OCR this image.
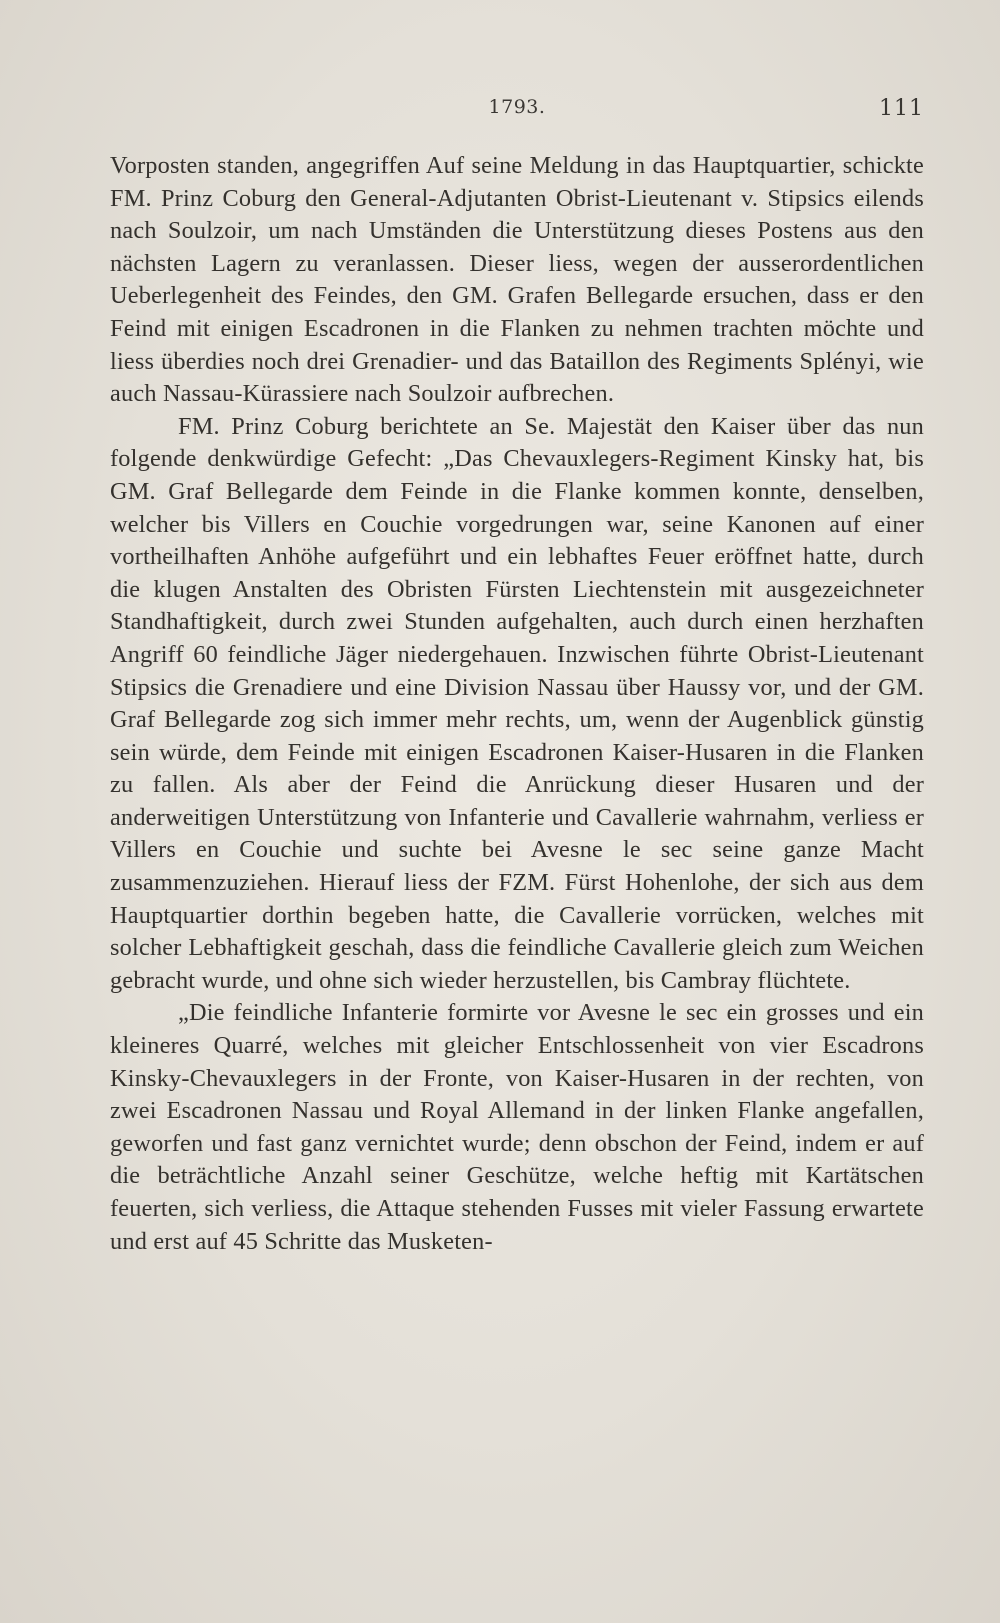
1793.	111

Vorposten standen, angegriffen Auf seine Meldung in das Hauptquartier, schickte FM. Prinz Coburg den General-Adjutanten Obrist-Lieutenant v. Stipsics eilends nach Soulzoir, um nach Umständen die Unterstützung dieses Postens aus den nächsten Lagern zu veranlassen. Dieser liess, wegen der ausserordentlichen Ueberlegenheit des Feindes, den GM. Grafen Bellegarde ersuchen, dass er den Feind mit einigen Escadronen in die Flanken zu nehmen trachten möchte und liess überdies noch drei Grenadier- und das Bataillon des Regiments Splényi, wie auch Nassau-Kürassiere nach Soulzoir aufbrechen.

FM. Prinz Coburg berichtete an Se. Majestät den Kaiser über das nun folgende denkwürdige Gefecht: „Das Chevauxlegers-Regiment Kinsky hat, bis GM. Graf Bellegarde dem Feinde in die Flanke kommen konnte, denselben, welcher bis Villers en Couchie vorgedrungen war, seine Kanonen auf einer vortheilhaften Anhöhe aufgeführt und ein lebhaftes Feuer eröffnet hatte, durch die klugen Anstalten des Obristen Fürsten Liechtenstein mit ausgezeichneter Standhaftigkeit, durch zwei Stunden aufgehalten, auch durch einen herzhaften Angriff 60 feindliche Jäger niedergehauen. Inzwischen führte Obrist-Lieutenant Stipsics die Grenadiere und eine Division Nassau über Haussy vor, und der GM. Graf Bellegarde zog sich immer mehr rechts, um, wenn der Augenblick günstig sein würde, dem Feinde mit einigen Escadronen Kaiser-Husaren in die Flanken zu fallen. Als aber der Feind die Anrückung dieser Husaren und der anderweitigen Unterstützung von Infanterie und Cavallerie wahrnahm, verliess er Villers en Couchie und suchte bei Avesne le sec seine ganze Macht zusammenzuziehen. Hierauf liess der FZM. Fürst Hohenlohe, der sich aus dem Hauptquartier dorthin begeben hatte, die Cavallerie vorrücken, welches mit solcher Lebhaftigkeit geschah, dass die feindliche Cavallerie gleich zum Weichen gebracht wurde, und ohne sich wieder herzustellen, bis Cambray flüchtete.

„Die feindliche Infanterie formirte vor Avesne le sec ein grosses und ein kleineres Quarré, welches mit gleicher Entschlossenheit von vier Escadrons Kinsky-Chevauxlegers in der Fronte, von Kaiser-Husaren in der rechten, von zwei Escadronen Nassau und Royal Allemand in der linken Flanke angefallen, geworfen und fast ganz vernichtet wurde; denn obschon der Feind, indem er auf die beträchtliche Anzahl seiner Geschütze, welche heftig mit Kartätschen feuerten, sich verliess, die Attaque stehenden Fusses mit vieler Fassung erwartete und erst auf 45 Schritte das Musketen-
